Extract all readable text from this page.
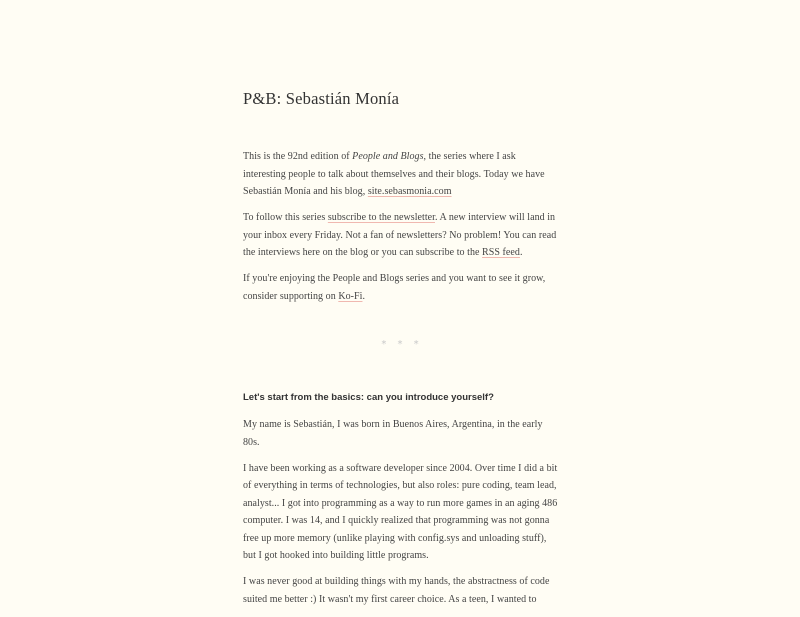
P&B: Sebastián Monía

This is the 92nd edition of People and Blogs, the series where I ask interesting people to talk about themselves and their blogs. Today we have Sebastián Monía and his blog, site.sebasmonia.com

To follow this series subscribe to the newsletter. A new interview will land in your inbox every Friday. Not a fan of newsletters? No problem! You can read the interviews here on the blog or you can subscribe to the RSS feed.

If you're enjoying the People and Blogs series and you want to see it grow, consider supporting on Ko-Fi.

* * *
Let's start from the basics: can you introduce yourself?

My name is Sebastián, I was born in Buenos Aires, Argentina, in the early 80s.

I have been working as a software developer since 2004. Over time I did a bit of everything in terms of technologies, but also roles: pure coding, team lead, analyst... I got into programming as a way to run more games in an aging 486 computer. I was 14, and I quickly realized that programming was not gonna free up more memory (unlike playing with config.sys and unloading stuff), but I got hooked into building little programs.

I was never good at building things with my hands, the abstractness of code suited me better :) It wasn't my first career choice. As a teen, I wanted to
